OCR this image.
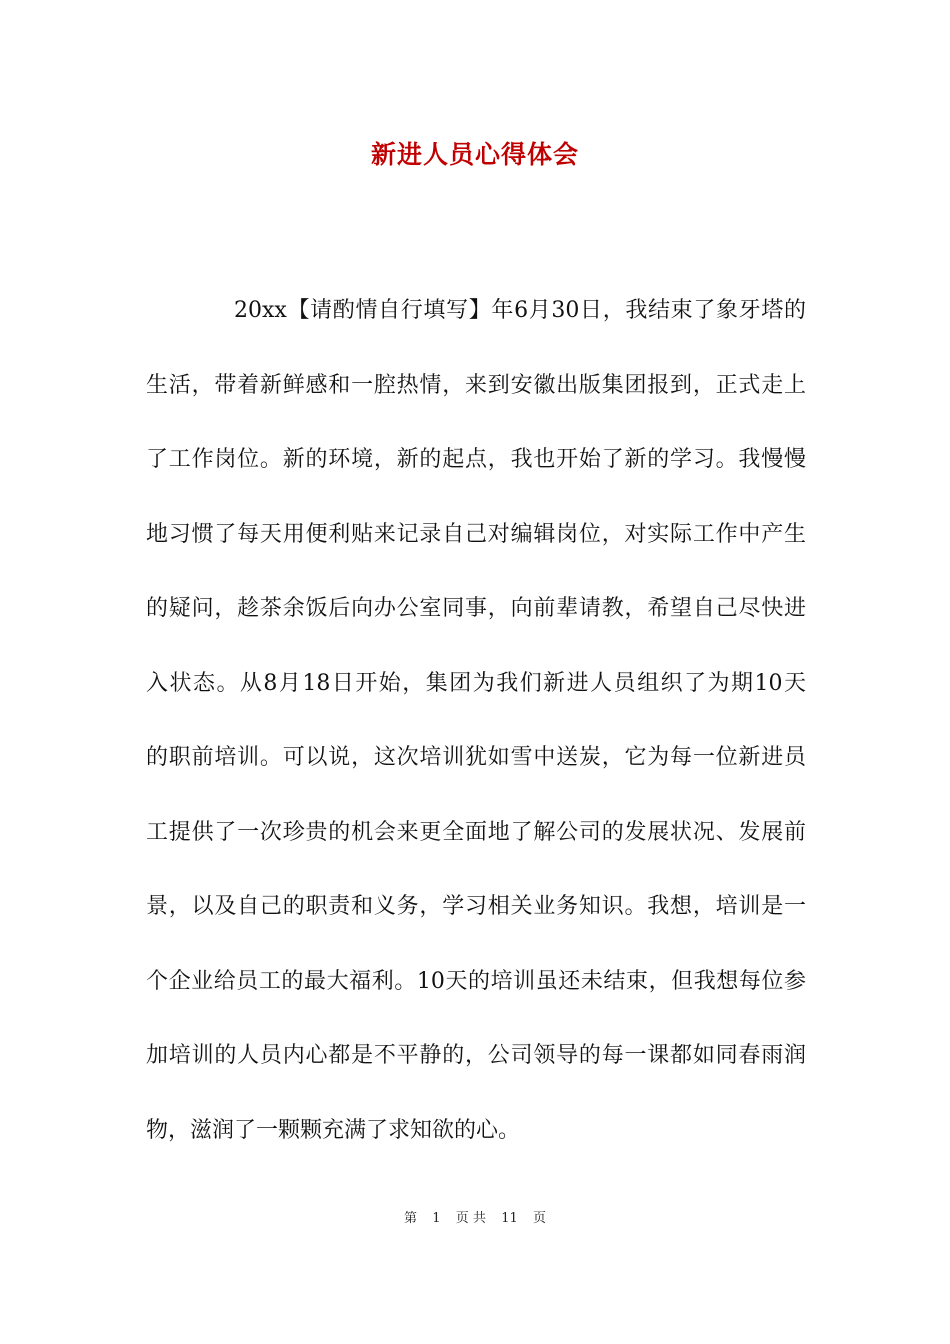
新进人员心得体会
20xx【请酌情自行填写】年6月30日，我结束了象牙塔的
生活，带着新鲜感和一腔热情，来到安徽出版集团报到，正式走上
了工作岗位。新的环境，新的起点，我也开始了新的学习。我慢慢
地习惯了每天用便利贴来记录自己对编辑岗位，对实际工作中产生
的疑问，趁茶余饭后向办公室同事，向前辈请教，希望自己尽快进
入状态。从8月18日开始，集团为我们新进人员组织了为期10天
的职前培训。可以说，这次培训犹如雪中送炭，它为每一位新进员
工提供了一次珍贵的机会来更全面地了解公司的发展状况、发展前
景，以及自己的职责和义务，学习相关业务知识。我想，培训是一
个企业给员工的最大福利。10天的培训虽还未结束，但我想每位参
加培训的人员内心都是不平静的，公司领导的每一课都如同春雨润
物，滋润了一颗颗充满了求知欲的心。
第 1 页 共 11 页
